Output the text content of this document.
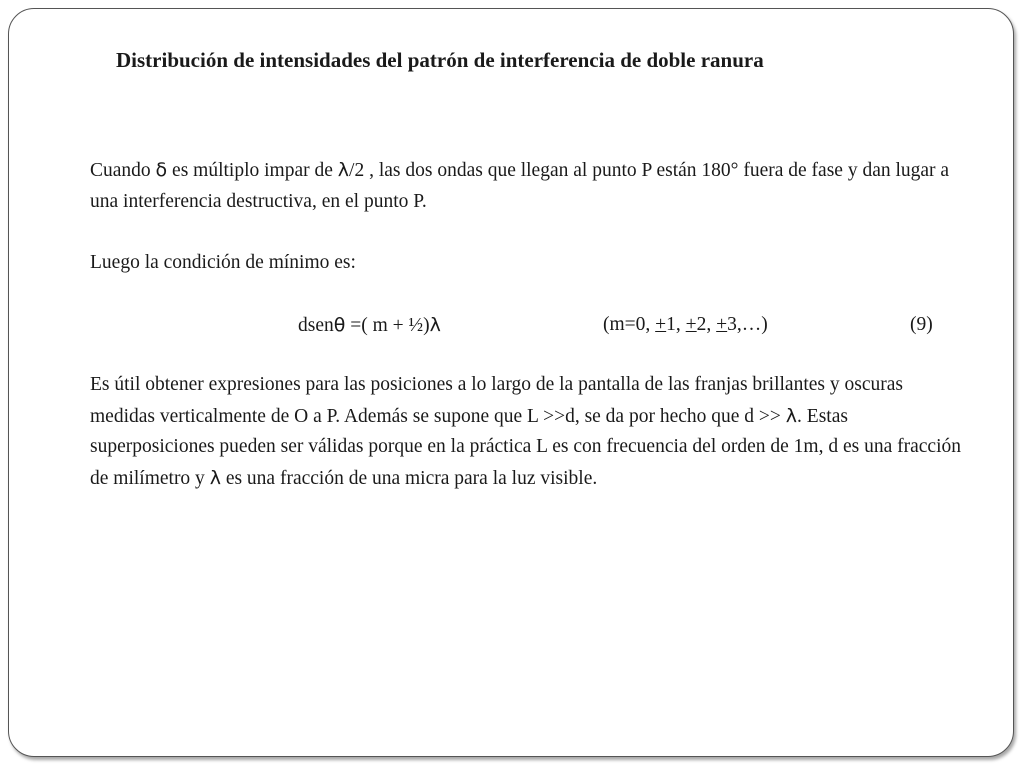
Distribución de intensidades del patrón de interferencia de doble ranura
Cuando δ es múltiplo impar de λ/2 , las dos ondas que llegan al punto P están 180° fuera de fase y dan lugar a una interferencia destructiva, en el punto P.
Luego la condición de mínimo es:
dsenθ =( m + ½)λ	(m=0, +1, +2, +3,…)	(9)
Es útil obtener expresiones para las posiciones a lo largo de la pantalla de las franjas brillantes y oscuras medidas verticalmente de O a P. Además se supone que L >>d, se da por hecho que d >> λ. Estas superposiciones pueden ser válidas porque en la práctica L es con frecuencia del orden de 1m, d es una fracción de milímetro y λ es una fracción de una micra para la luz visible.
